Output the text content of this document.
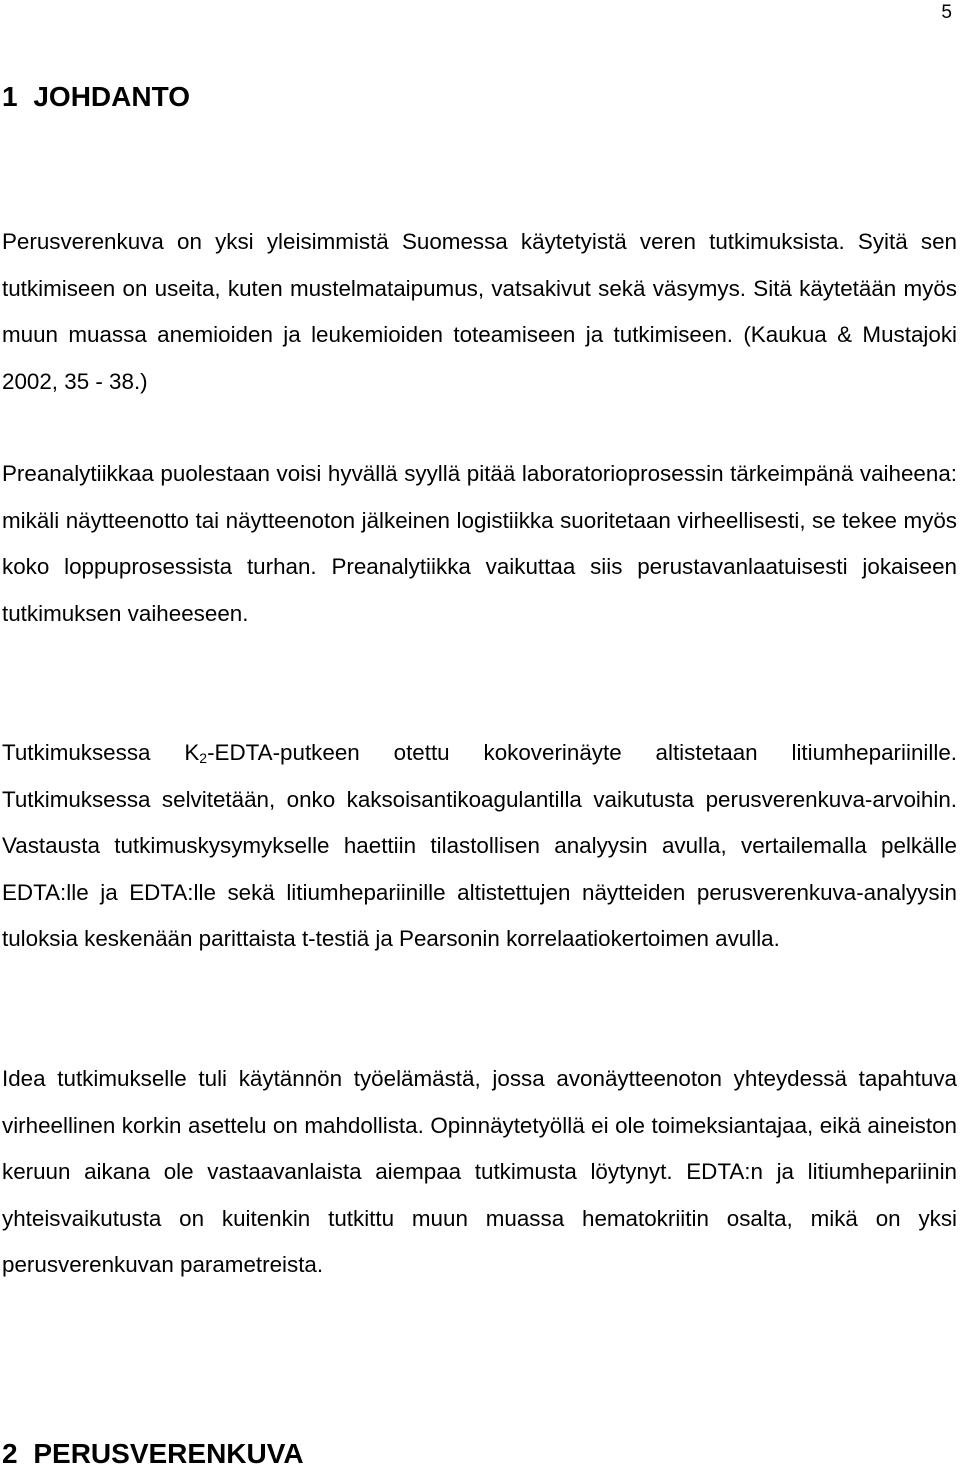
5
1 JOHDANTO

Perusverenkuva on yksi yleisimmistä Suomessa käytetyistä veren tutkimuksista. Syitä sen tutkimiseen on useita, kuten mustelmataipumus, vatsakivut sekä väsymys. Sitä käytetään myös muun muassa anemioiden ja leukemioiden toteamiseen ja tutkimiseen. (Kaukua & Mustajoki 2002, 35 - 38.)

Preanalytiikkaa puolestaan voisi hyvällä syyllä pitää laboratorioprosessin tärkeimpänä vaiheena: mikäli näytteenotto tai näytteenoton jälkeinen logistiikka suoritetaan virheellisesti, se tekee myös koko loppuprosessista turhan. Preanalytiikka vaikuttaa siis perustavanlaatuisesti jokaiseen tutkimuksen vaiheeseen.

Tutkimuksessa $K_2-EDTA$-putkeen otettu kokoverinäyte altistetaan litiumhepariinille. Tutkimuksessa selvitetään, onko kaksoisantikoagulantilla vaikutusta perusverenkuva-arvoihin. Vastausta tutkimuskysymykselle haettiin tilastollisen analyysin avulla, vertailemalla pelkälle EDTA:lle ja EDTA:lle sekä litiumhepariinille altistettujen näytteiden perusverenkuva-analyysin tuloksia keskenään parittaista t-testiä ja Pearsonin korrelaatiokertoimen avulla.

Idea tutkimukselle tuli käytännön työelämästä, jossa avonäytteenoton yhteydessä tapahtuva virheellinen korkin asettelu on mahdollista. Opinnäytetyöllä ei ole toimeksiantajaa, eikä aineiston keruun aikana ole vastaavanlaista aiempaa tutkimusta löytynyt. EDTA:n ja litiumhepariinin yhteisvaikutusta on kuitenkin tutkittu muun muassa hematokriitin osalta, mikä on yksi perusverenkuvan parametreista.

2 PERUSVERENKUVA
